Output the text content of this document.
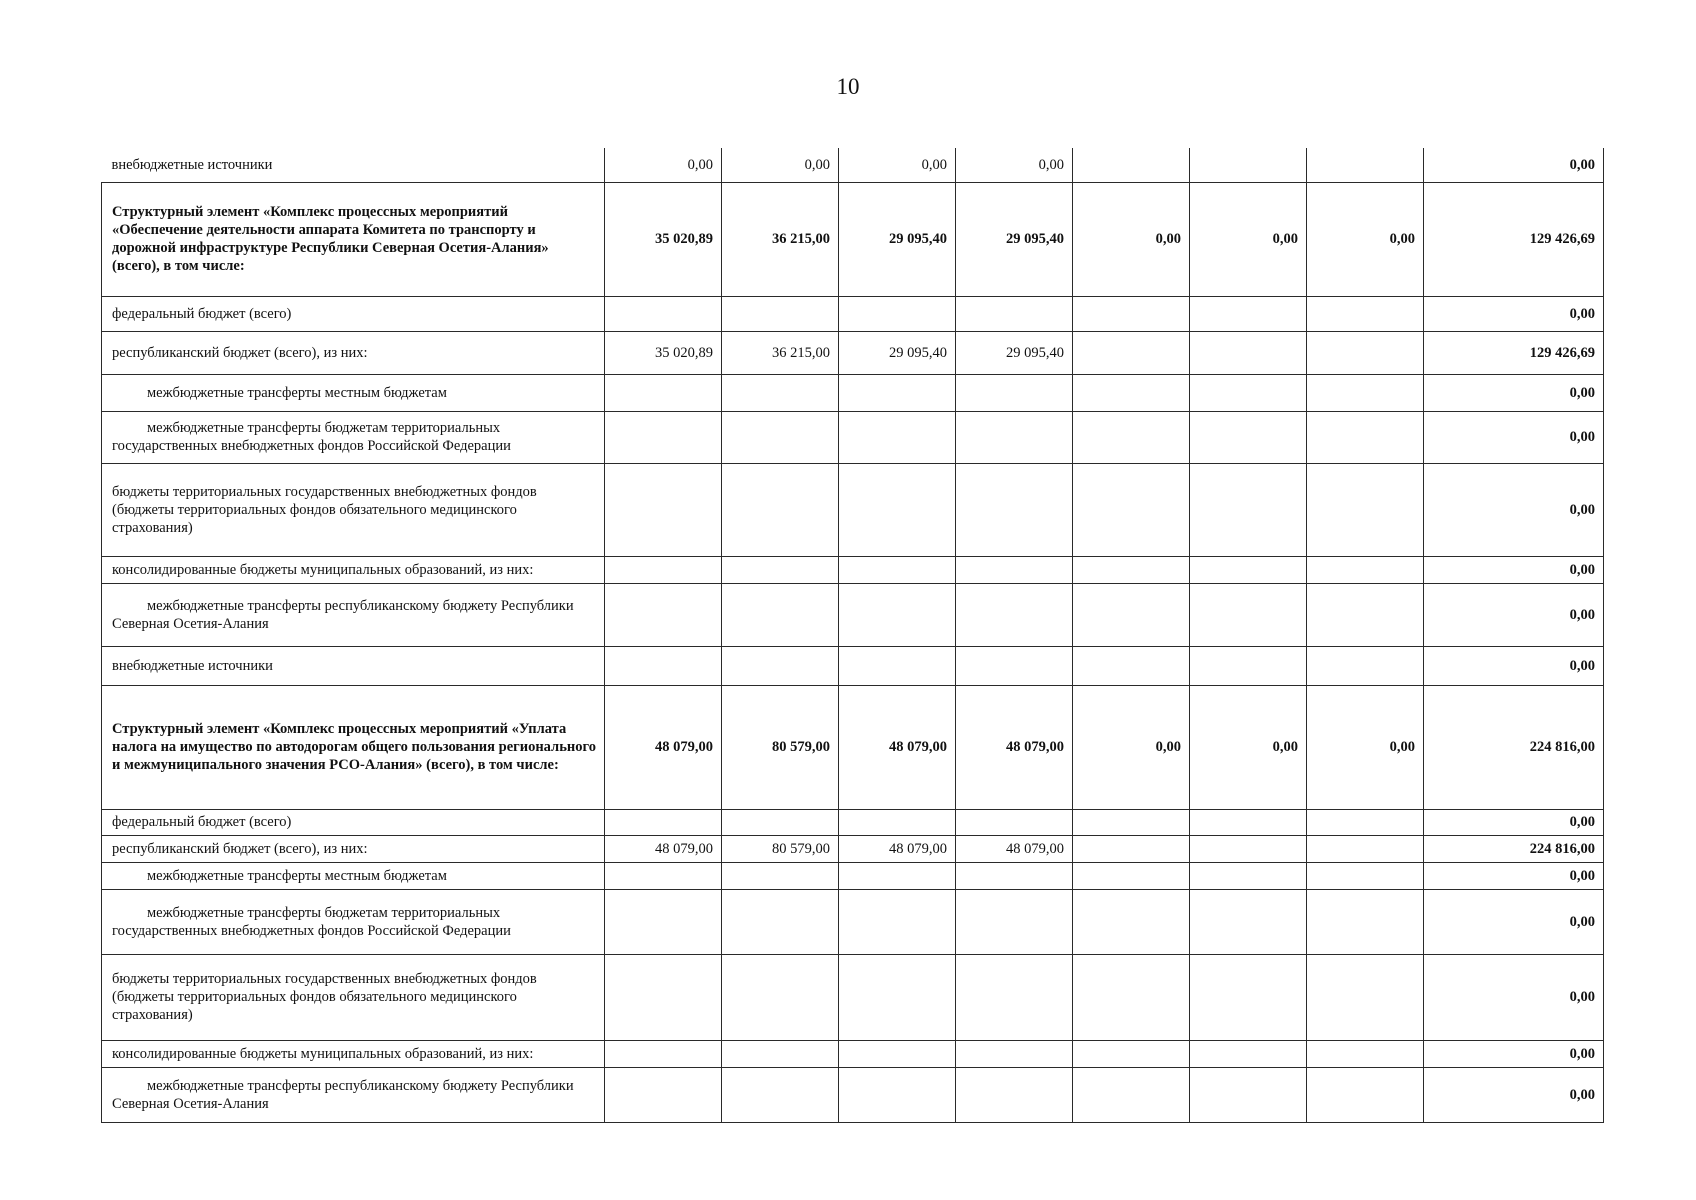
10
внебюджетные источники	0,00	0,00	0,00	0,00				0,00
Структурный элемент «Комплекс процессных мероприятий «Обеспечение деятельности аппарата Комитета по транспорту и дорожной инфраструктуре Республики Северная Осетия-Алания» (всего), в том числе:	35 020,89	36 215,00	29 095,40	29 095,40	0,00	0,00	0,00	129 426,69
федеральный бюджет (всего)								0,00
республиканский бюджет (всего), из них:	35 020,89	36 215,00	29 095,40	29 095,40				129 426,69
межбюджетные трансферты местным бюджетам								0,00
межбюджетные трансферты бюджетам территориальных государственных внебюджетных фондов Российской Федерации								0,00
бюджеты территориальных государственных внебюджетных фондов (бюджеты территориальных фондов обязательного медицинского страхования)								0,00
консолидированные бюджеты муниципальных образований, из них:								0,00
межбюджетные трансферты республиканскому бюджету Республики Северная Осетия-Алания								0,00
внебюджетные источники								0,00
Структурный элемент «Комплекс процессных мероприятий «Уплата налога на имущество по автодорогам общего пользования регионального и межмуниципального значения РСО-Алания» (всего), в том числе:	48 079,00	80 579,00	48 079,00	48 079,00	0,00	0,00	0,00	224 816,00
федеральный бюджет (всего)								0,00
республиканский бюджет (всего), из них:	48 079,00	80 579,00	48 079,00	48 079,00				224 816,00
межбюджетные трансферты местным бюджетам								0,00
межбюджетные трансферты бюджетам территориальных государственных внебюджетных фондов Российской Федерации								0,00
бюджеты территориальных государственных внебюджетных фондов (бюджеты территориальных фондов обязательного медицинского страхования)								0,00
консолидированные бюджеты муниципальных образований, из них:								0,00
межбюджетные трансферты республиканскому бюджету Республики Северная Осетия-Алания								0,00
